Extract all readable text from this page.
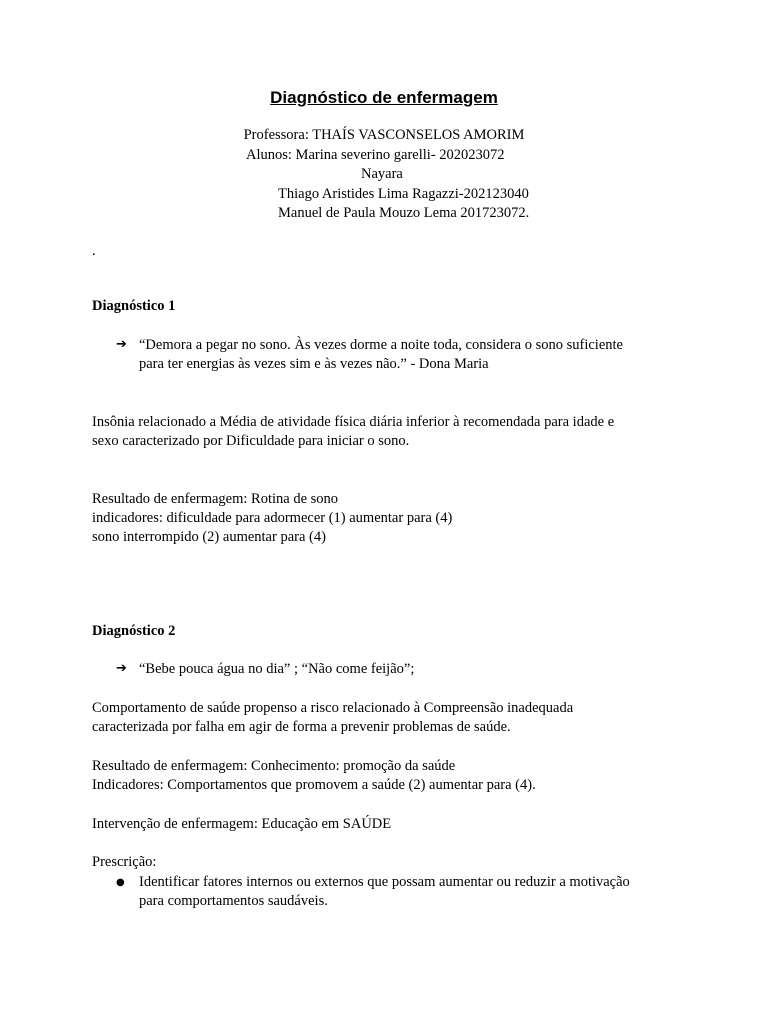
Diagnóstico de enfermagem
Professora: THAÍS VASCONSELOS AMORIM
Alunos: Marina severino garelli- 202023072
Nayara
Thiago Aristides Lima Ragazzi-202123040
Manuel de Paula Mouzo Lema 201723072.
.
Diagnóstico 1
➔ “Demora a pegar no sono. Às vezes dorme a noite toda, considera o sono suficiente
para ter energias às vezes sim e às vezes não.” - Dona Maria
Insônia relacionado a Média de atividade física diária inferior à recomendada para idade e
sexo caracterizado por Dificuldade para iniciar o sono.
Resultado de enfermagem: Rotina de sono
indicadores: dificuldade para adormecer (1) aumentar para (4)
sono interrompido (2) aumentar para (4)
Diagnóstico 2
➔ “Bebe pouca água no dia” ; “Não come feijão”;
Comportamento de saúde propenso a risco relacionado à Compreensão inadequada
caracterizada por falha em agir de forma a prevenir problemas de saúde.
Resultado de enfermagem: Conhecimento: promoção da saúde
Indicadores: Comportamentos que promovem a saúde (2) aumentar para (4).
Intervenção de enfermagem: Educação em SAÚDE
Prescrição:
● Identificar fatores internos ou externos que possam aumentar ou reduzir a motivação
para comportamentos saudáveis.
